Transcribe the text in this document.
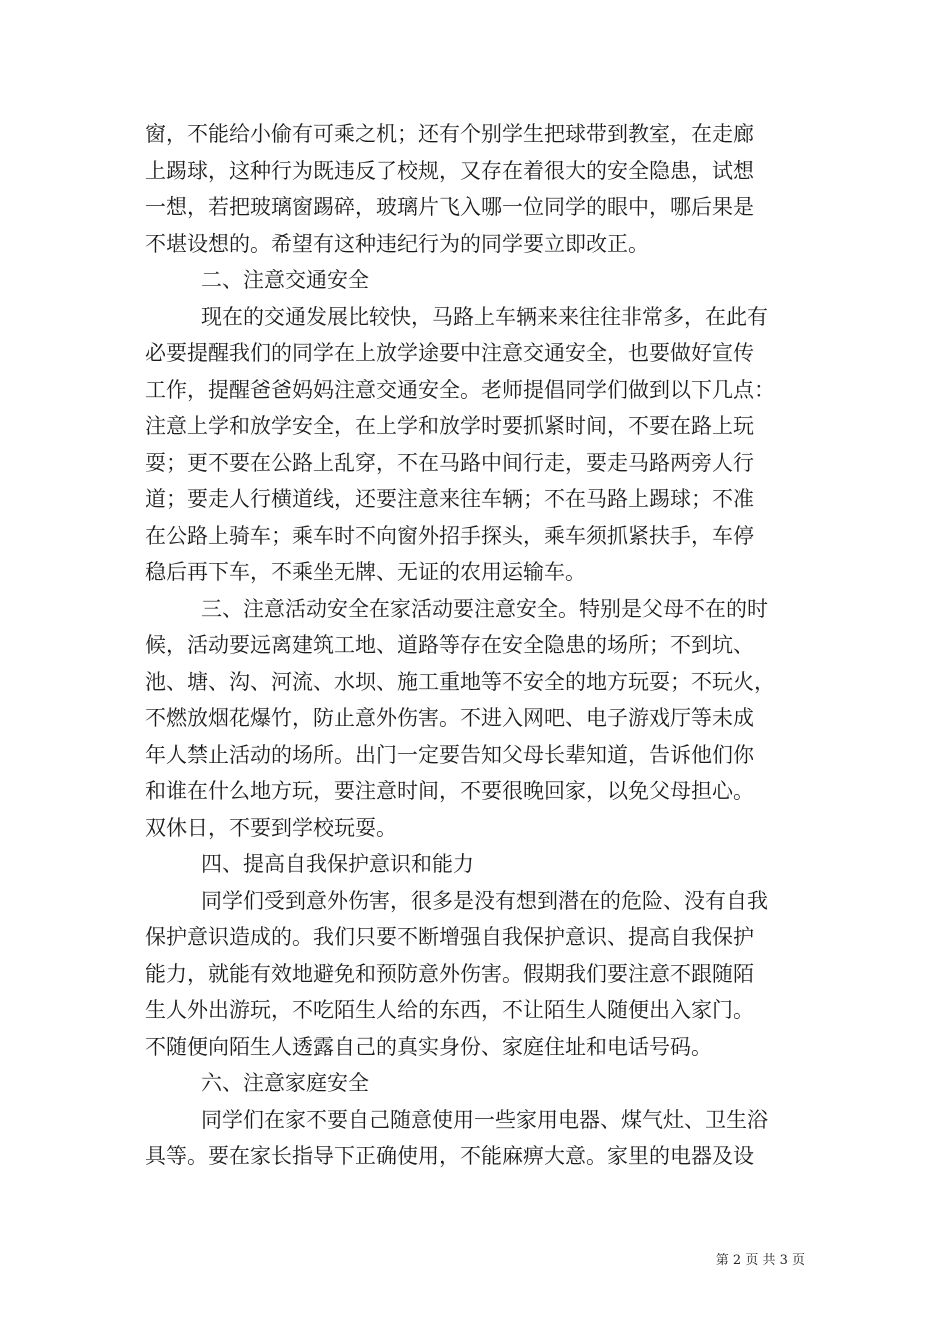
窗，不能给小偷有可乘之机；还有个别学生把球带到教室，在走廊
上踢球，这种行为既违反了校规，又存在着很大的安全隐患，试想
一想，若把玻璃窗踢碎，玻璃片飞入哪一位同学的眼中，哪后果是
不堪设想的。希望有这种违纪行为的同学要立即改正。
二、注意交通安全
现在的交通发展比较快，马路上车辆来来往往非常多，在此有
必要提醒我们的同学在上放学途要中注意交通安全，也要做好宣传
工作，提醒爸爸妈妈注意交通安全。老师提倡同学们做到以下几点：
注意上学和放学安全，在上学和放学时要抓紧时间，不要在路上玩
耍；更不要在公路上乱穿，不在马路中间行走，要走马路两旁人行
道；要走人行横道线，还要注意来往车辆；不在马路上踢球；不准
在公路上骑车；乘车时不向窗外招手探头，乘车须抓紧扶手，车停
稳后再下车，不乘坐无牌、无证的农用运输车。
三、注意活动安全在家活动要注意安全。特别是父母不在的时
候，活动要远离建筑工地、道路等存在安全隐患的场所；不到坑、
池、塘、沟、河流、水坝、施工重地等不安全的地方玩耍；不玩火，
不燃放烟花爆竹，防止意外伤害。不进入网吧、电子游戏厅等未成
年人禁止活动的场所。出门一定要告知父母长辈知道，告诉他们你
和谁在什么地方玩，要注意时间，不要很晚回家，以免父母担心。
双休日，不要到学校玩耍。
四、提高自我保护意识和能力
同学们受到意外伤害，很多是没有想到潜在的危险、没有自我
保护意识造成的。我们只要不断增强自我保护意识、提高自我保护
能力，就能有效地避免和预防意外伤害。假期我们要注意不跟随陌
生人外出游玩，不吃陌生人给的东西，不让陌生人随便出入家门。
不随便向陌生人透露自己的真实身份、家庭住址和电话号码。
六、注意家庭安全
同学们在家不要自己随意使用一些家用电器、煤气灶、卫生浴
具等。要在家长指导下正确使用，不能麻痹大意。家里的电器及设
第 2 页 共 3 页
